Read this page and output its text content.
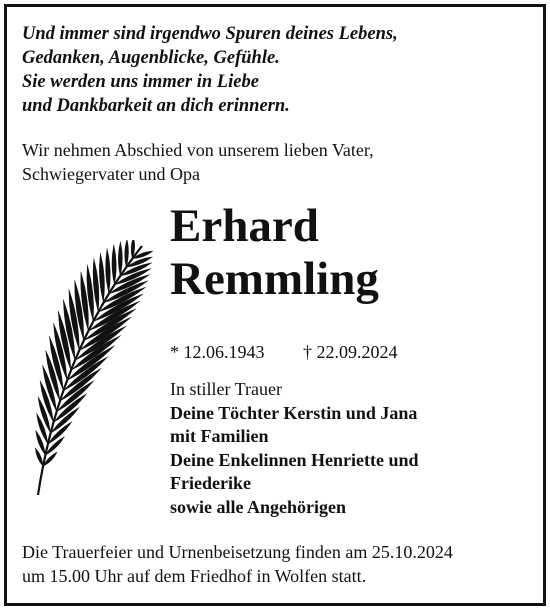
Und immer sind irgendwo Spuren deines Lebens,
Gedanken, Augenblicke, Gefühle.
Sie werden uns immer in Liebe
und Dankbarkeit an dich erinnern.
Wir nehmen Abschied von unserem lieben Vater,
Schwiegervater und Opa
Erhard
Remmling
* 12.06.1943 † 22.09.2024
In stiller Trauer
Deine Töchter Kerstin und Jana
mit Familien
Deine Enkelinnen Henriette und
Friederike
sowie alle Angehörigen
Die Trauerfeier und Urnenbeisetzung finden am 25.10.2024
um 15.00 Uhr auf dem Friedhof in Wolfen statt.
